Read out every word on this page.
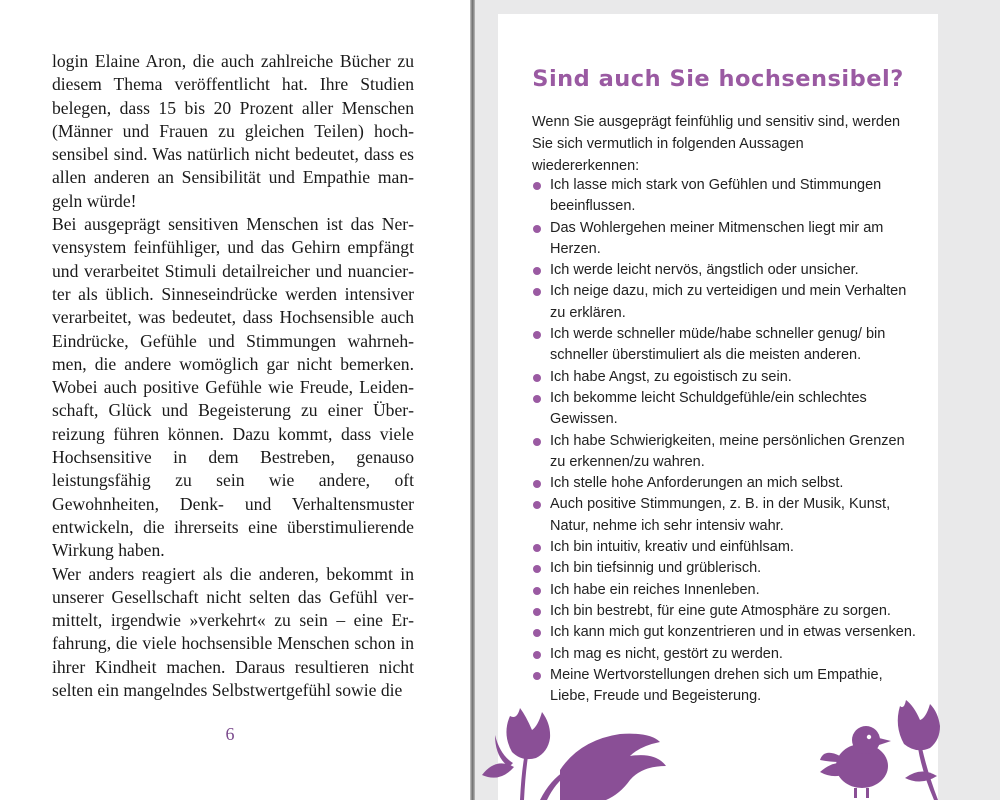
login Elaine Aron, die auch zahlreiche Bücher zu diesem Thema veröffentlicht hat. Ihre Studien belegen, dass 15 bis 20 Prozent aller Menschen (Männer und Frauen zu gleichen Teilen) hochsensibel sind. Was natürlich nicht bedeutet, dass es allen anderen an Sensibilität und Empathie mangeln würde!

Bei ausgeprägt sensitiven Menschen ist das Nervensystem feinfühliger, und das Gehirn empfängt und verarbeitet Stimuli detailreicher und nuancierter als üblich. Sinneseindrücke werden intensiver verarbeitet, was bedeutet, dass Hochsensible auch Eindrücke, Gefühle und Stimmungen wahrnehmen, die andere womöglich gar nicht bemerken. Wobei auch positive Gefühle wie Freude, Leidenschaft, Glück und Begeisterung zu einer Überreizung führen können. Dazu kommt, dass viele Hochsensitive in dem Bestreben, genauso leistungsfähig zu sein wie andere, oft Gewohnheiten, Denk- und Verhaltensmuster entwickeln, die ihrerseits eine überstimulierende Wirkung haben.

Wer anders reagiert als die anderen, bekommt in unserer Gesellschaft nicht selten das Gefühl vermittelt, irgendwie »verkehrt« zu sein – eine Erfahrung, die viele hochsensible Menschen schon in ihrer Kindheit machen. Daraus resultieren nicht selten ein mangelndes Selbstwertgefühl sowie die

6
Sind auch Sie hochsensibel?

Wenn Sie ausgeprägt feinfühlig und sensitiv sind, werden Sie sich vermutlich in folgenden Aussagen wiedererkennen:

Ich lasse mich stark von Gefühlen und Stimmungen beeinflussen.
Das Wohlergehen meiner Mitmenschen liegt mir am Herzen.
Ich werde leicht nervös, ängstlich oder unsicher.
Ich neige dazu, mich zu verteidigen und mein Verhalten zu erklären.
Ich werde schneller müde/habe schneller genug/ bin schneller überstimuliert als die meisten anderen.
Ich habe Angst, zu egoistisch zu sein.
Ich bekomme leicht Schuldgefühle/ein schlechtes Gewissen.
Ich habe Schwierigkeiten, meine persönlichen Grenzen zu erkennen/zu wahren.
Ich stelle hohe Anforderungen an mich selbst.
Auch positive Stimmungen, z. B. in der Musik, Kunst, Natur, nehme ich sehr intensiv wahr.
Ich bin intuitiv, kreativ und einfühlsam.
Ich bin tiefsinnig und grüblerisch.
Ich habe ein reiches Innenleben.
Ich bin bestrebt, für eine gute Atmosphäre zu sorgen.
Ich kann mich gut konzentrieren und in etwas versenken.
Ich mag es nicht, gestört zu werden.
Meine Wertvorstellungen drehen sich um Empathie, Liebe, Freude und Begeisterung.
